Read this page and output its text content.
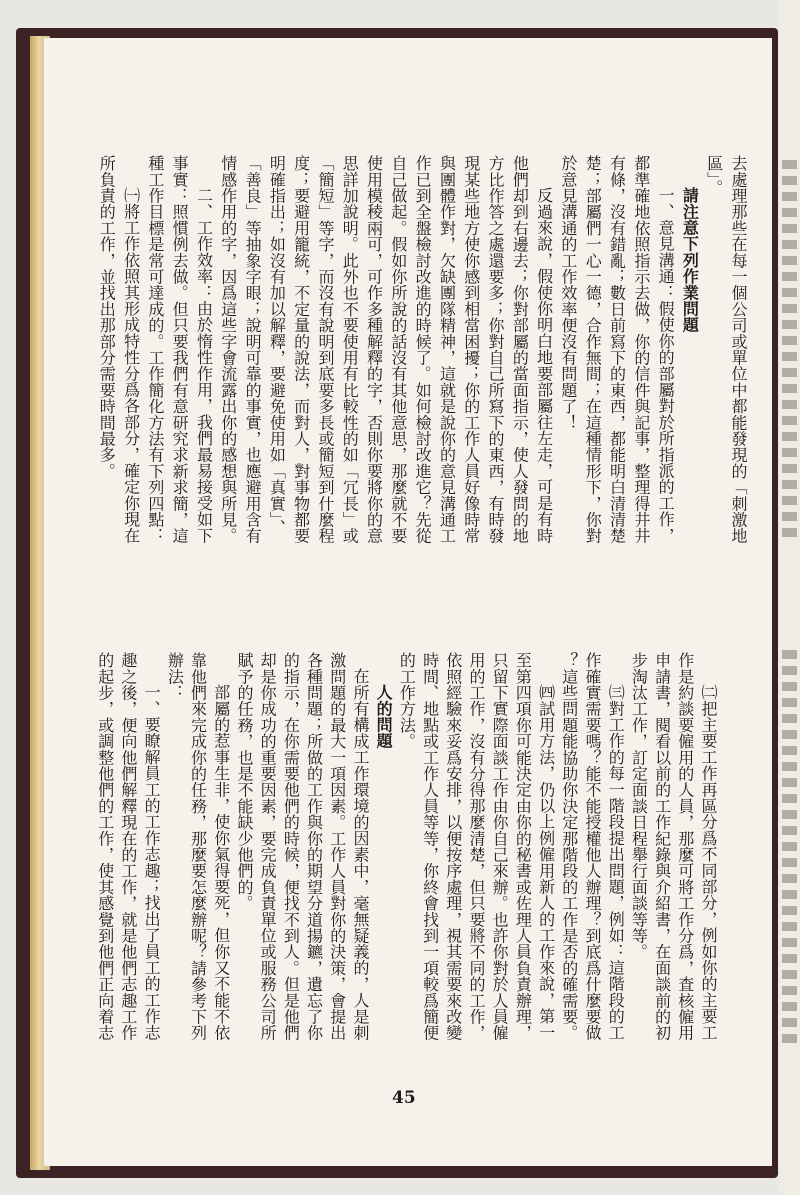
去處理那些在每一個公司或單位中都能發現的「刺激地
區」。
請注意下列作業問題
一、意見溝通：假使你的部屬對於所指派的工作，
都準確地依照指示去做，你的信件與記事，整理得井井
有條，沒有錯亂；數日前寫下的東西，都能明白清清楚
楚；部屬們一心一德，合作無間；在這種情形下，你對
於意見溝通的工作效率便沒有問題了！
反過來說，假使你明白地要部屬往左走，可是有時
他們却到右邊去；你對部屬的當面指示，使人發問的地
方比作答之處還要多；你對自己所寫下的東西，有時發
現某些地方使你感到相當困擾；你的工作人員好像時常
與團體作對，欠缺團隊精神，這就是說你的意見溝通工
作已到全盤檢討改進的時候了。如何檢討改進它？先從
自己做起。假如你所說的話沒有其他意思，那麼就不要
使用模稜兩可，可作多種解釋的字，否則你要將你的意
思詳加說明。此外也不要使用有比較性的如「冗長」或
「簡短」等字，而沒有說明到底要多長或簡短到什麼程
度；要避用籠統，不定量的說法，而對人，對事物都要
明確指出；如沒有加以解釋，要避免使用如「真實」、
「善良」等抽象字眼；說明可靠的事實，也應避用含有
情感作用的字，因爲這些字會流露出你的感想與所見。
二、工作效率：由於惰性作用，我們最易接受如下
事實：照慣例去做。但只要我們有意研究求新求簡，這
種工作目標是常可達成的。工作簡化方法有下列四點：
㈠將工作依照其形成特性分爲各部分，確定你現在
所負責的工作，並找出那部分需要時間最多。
㈡把主要工作再區分爲不同部分，例如你的主要工
作是約談要僱用的人員，那麼可將工作分爲，査核僱用
申請書，閱看以前的工作紀錄與介紹書，在面談前的初
步淘汰工作，訂定面談日程舉行面談等等。
㈢對工作的每一階段提出問題，例如：這階段的工
作確實需要嗎？能不能授權他人辦理？到底爲什麼要做
？這些問題能協助你決定那階段的工作是否的確需要。
㈣試用方法，仍以上例僱用新人的工作來說，第一
至第四項你可能決定由你的秘書或佐理人員負責辦理，
只留下實際面談工作由你自己來辦。也許你對於人員僱
用的工作，沒有分得那麼清楚，但只要將不同的工作，
依照經驗來妥爲安排，以便按序處理，視其需要來改變
時間、地點或工作人員等等，你終會找到一項較爲簡便
的工作方法。
人的問題
在所有構成工作環境的因素中，毫無疑義的，人是刺
激問題的最大一項因素。工作人員對你的決策，會提出
各種問題；所做的工作與你的期望分道揚鑣，遺忘了你
的指示，在你需要他們的時候，便找不到人。但是他們
却是你成功的重要因素，要完成負責單位或服務公司所
賦予的任務，也是不能缺少他們的。
部屬的惹事生非，使你氣得要死，但你又不能不依
靠他們來完成你的任務，那麼要怎麼辦呢？請參考下列
辦法：
一、要瞭解員工的工作志趣；找出了員工的工作志
趣之後，便向他們解釋現在的工作，就是他們志趣工作
的起步，或調整他們的工作，使其感覺到他們正向着志
45
